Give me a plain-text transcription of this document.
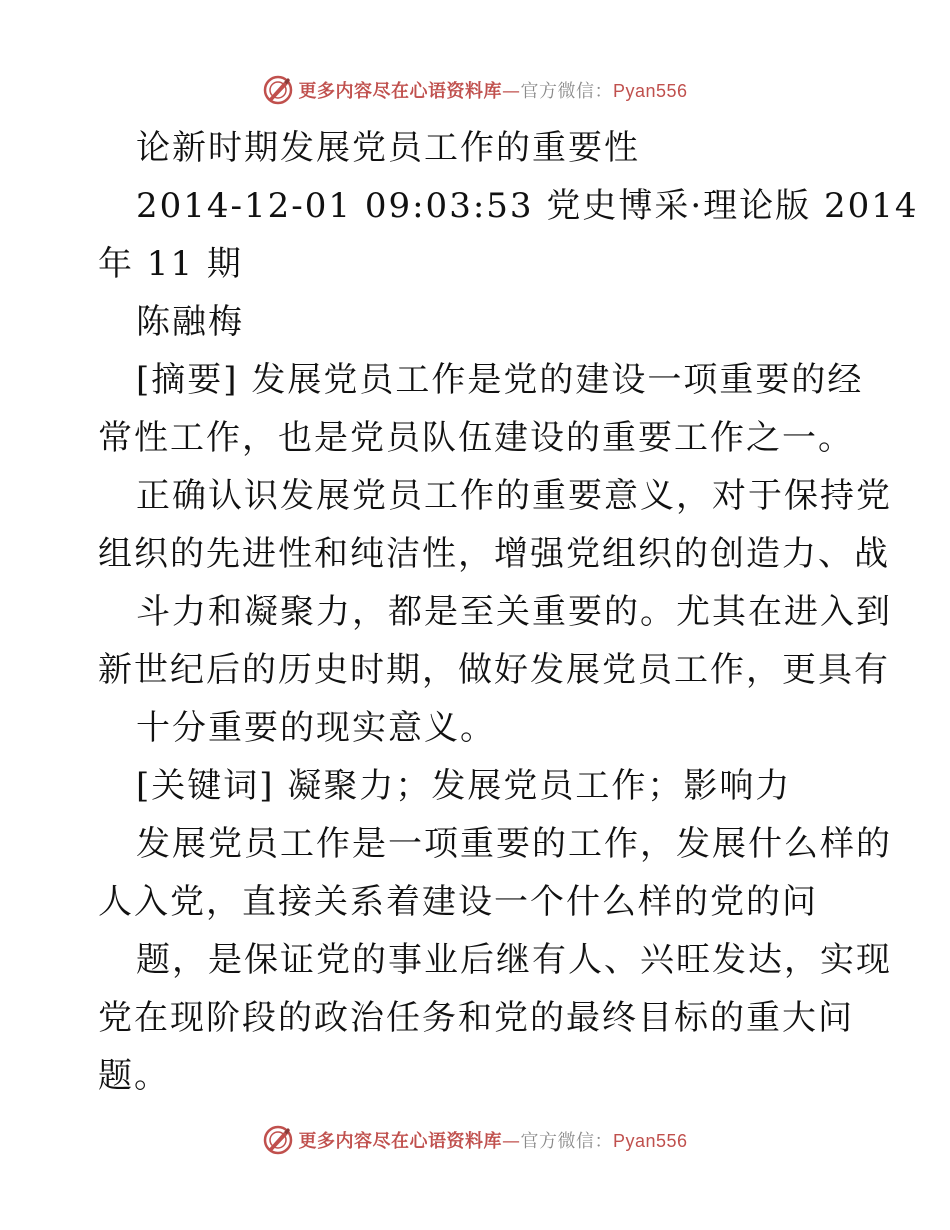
更多内容尽在心语资料库—官方微信：Pyan556
论新时期发展党员工作的重要性
2014-12-01 09:03:53 党史博采·理论版 2014
年 11 期
陈融梅
[摘要] 发展党员工作是党的建设一项重要的经
常性工作，也是党员队伍建设的重要工作之一。
正确认识发展党员工作的重要意义，对于保持党
组织的先进性和纯洁性，增强党组织的创造力、战
斗力和凝聚力，都是至关重要的。尤其在进入到
新世纪后的历史时期，做好发展党员工作，更具有
十分重要的现实意义。
[关键词] 凝聚力；发展党员工作；影响力
发展党员工作是一项重要的工作，发展什么样的
人入党，直接关系着建设一个什么样的党的问
题，是保证党的事业后继有人、兴旺发达，实现
党在现阶段的政治任务和党的最终目标的重大问
题。
更多内容尽在心语资料库—官方微信：Pyan556
